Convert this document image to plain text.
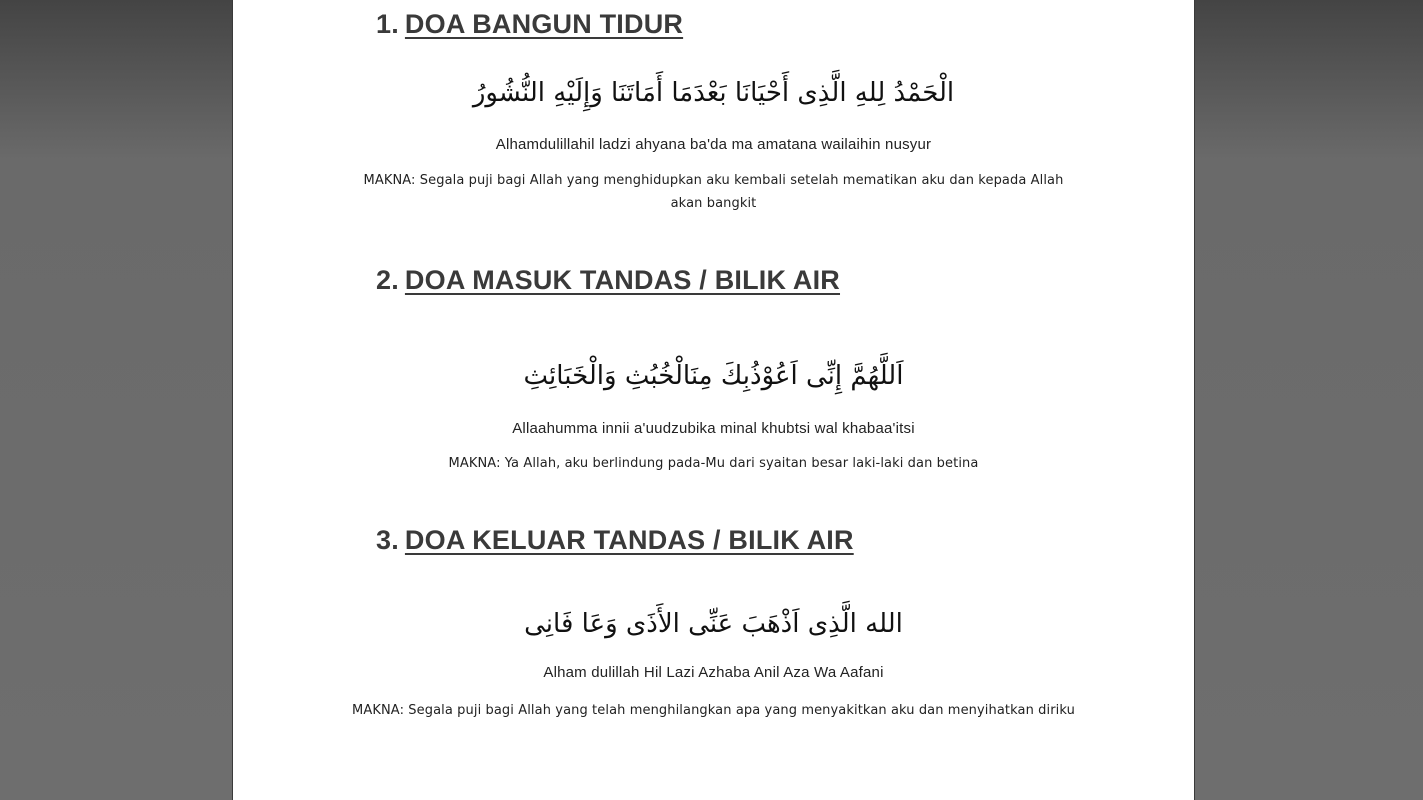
1. DOA BANGUN TIDUR
الْحَمْدُ لِلهِ الَّذِى أَحْيَانَا بَعْدَمَا أَمَاتَنَا وَإِلَيْهِ النُّشُورُ
Alhamdulillahil ladzi ahyana ba'da ma amatana wailaihin nusyur
MAKNA: Segala puji bagi Allah yang menghidupkan aku kembali setelah mematikan aku dan kepada Allah akan bangkit
2. DOA MASUK TANDAS / BILIK AIR
اَللَّهُمَّ إِنِّى اَعُوْذُبِكَ مِنَالْخُبُثِ وَالْخَبَائِثِ
Allaahumma innii a'uudzubika minal khubtsi wal khabaa'itsi
MAKNA: Ya Allah, aku berlindung pada-Mu dari syaitan besar laki-laki dan betina
3. DOA KELUAR TANDAS / BILIK AIR
الله الَّذِى اَذْهَبَ عَنِّى الأَذَى وَعَا فَانِى
Alham dulillah Hil Lazi Azhaba Anil Aza Wa Aafani
MAKNA: Segala puji bagi Allah yang telah menghilangkan apa yang menyakitkan aku dan menyihatkan diriku
